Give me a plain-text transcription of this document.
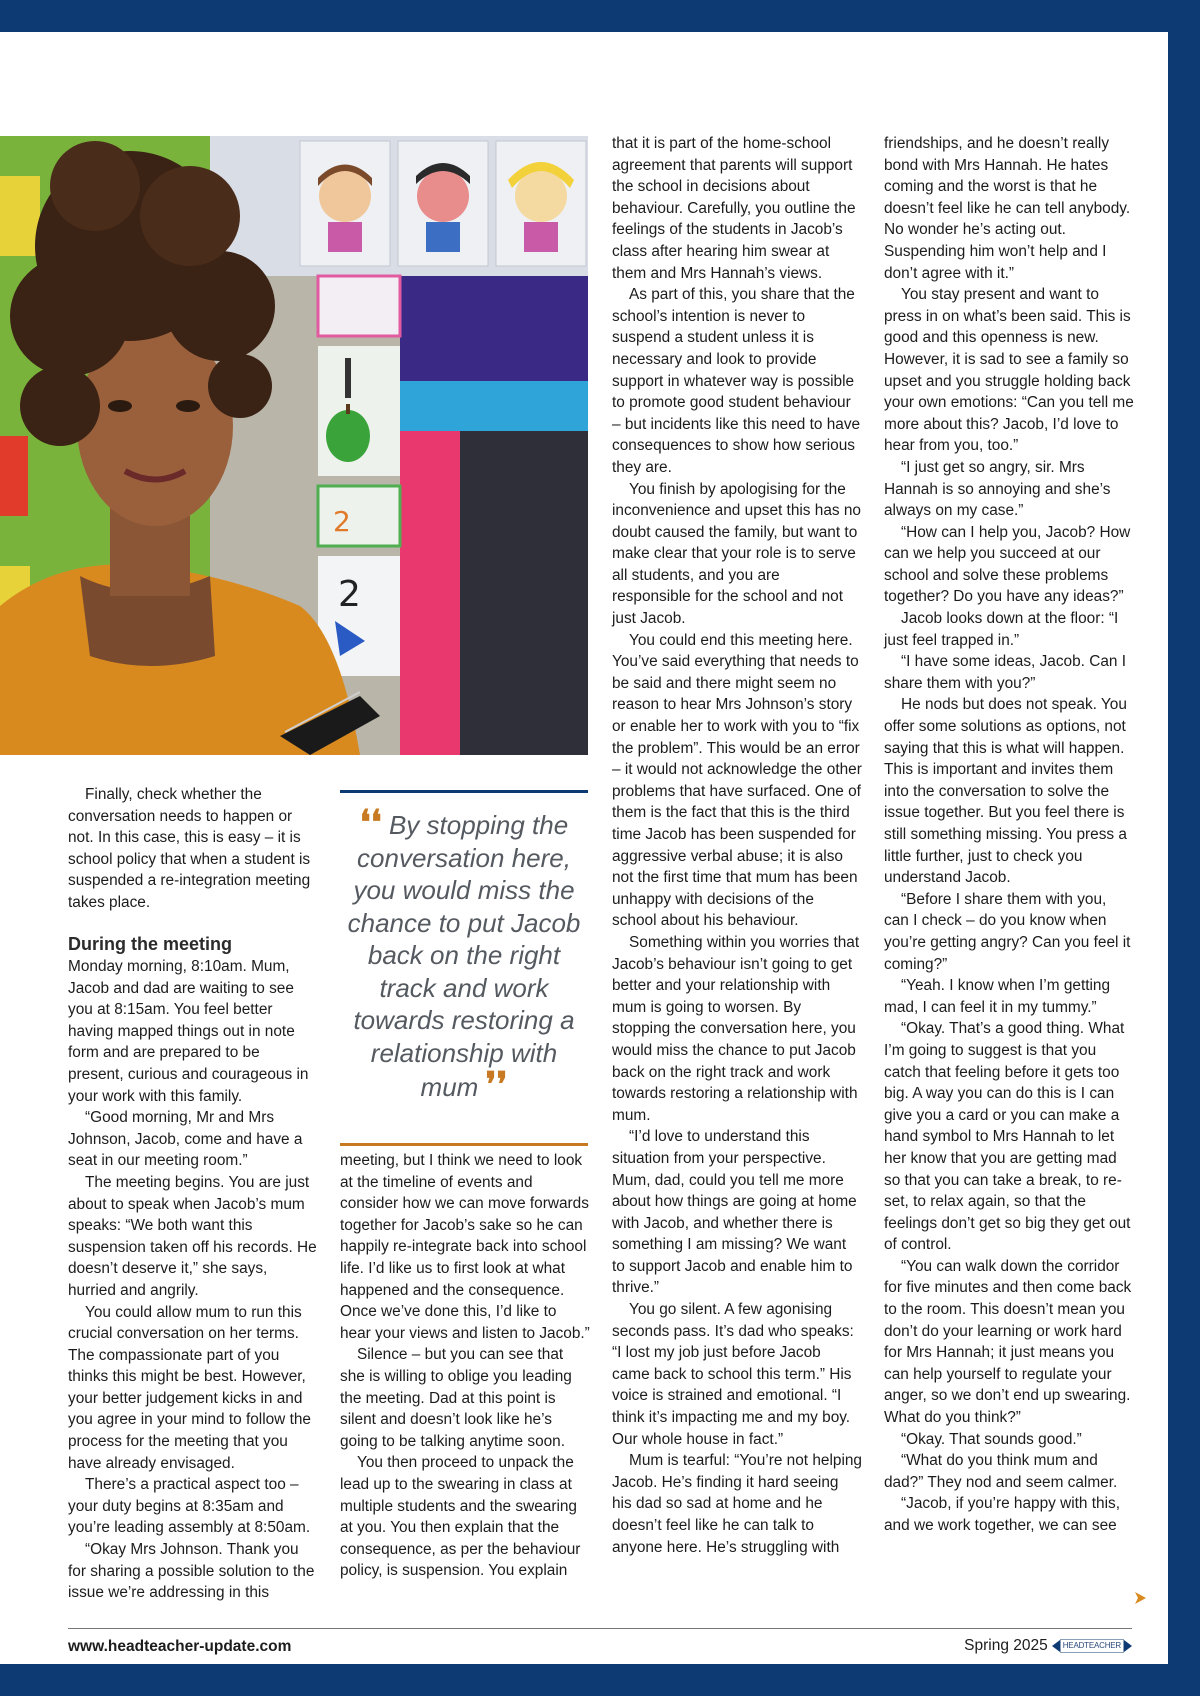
2
2

Finally, check whether the conversation needs to happen or not. In this case, this is easy – it is school policy that when a student is suspended a re-integration meeting takes place.

During the meeting

Monday morning, 8:10am. Mum, Jacob and dad are waiting to see you at 8:15am. You feel better having mapped things out in note form and are prepared to be present, curious and courageous in your work with this family.

“Good morning, Mr and Mrs Johnson, Jacob, come and have a seat in our meeting room.”

The meeting begins. You are just about to speak when Jacob’s mum speaks: “We both want this suspension taken off his records. He doesn’t deserve it,” she says, hurried and angrily.

You could allow mum to run this crucial conversation on her terms. The compassionate part of you thinks this might be best. However, your better judgement kicks in and you agree in your mind to follow the process for the meeting that you have already envisaged.

There’s a practical aspect too – your duty begins at 8:35am and you’re leading assembly at 8:50am.

“Okay Mrs Johnson. Thank you for sharing a possible solution to the issue we’re addressing in this

❛❛ By stopping the conversation here, you would miss the chance to put Jacob back on the right track and work towards restoring a relationship with mum ❜❜

meeting, but I think we need to look at the timeline of events and consider how we can move forwards together for Jacob’s sake so he can happily re-integrate back into school life. I’d like us to first look at what happened and the consequence. Once we’ve done this, I’d like to hear your views and listen to Jacob.”

Silence – but you can see that she is willing to oblige you leading the meeting. Dad at this point is silent and doesn’t look like he’s going to be talking anytime soon.

You then proceed to unpack the lead up to the swearing in class at multiple students and the swearing at you. You then explain that the consequence, as per the behaviour policy, is suspension. You explain

that it is part of the home-school agreement that parents will support the school in decisions about behaviour. Carefully, you outline the feelings of the students in Jacob’s class after hearing him swear at them and Mrs Hannah’s views.

As part of this, you share that the school’s intention is never to suspend a student unless it is necessary and look to provide support in whatever way is possible to promote good student behaviour – but incidents like this need to have consequences to show how serious they are.

You finish by apologising for the inconvenience and upset this has no doubt caused the family, but want to make clear that your role is to serve all students, and you are responsible for the school and not just Jacob.

You could end this meeting here. You’ve said everything that needs to be said and there might seem no reason to hear Mrs Johnson’s story or enable her to work with you to “fix the problem”. This would be an error – it would not acknowledge the other problems that have surfaced. One of them is the fact that this is the third time Jacob has been suspended for aggressive verbal abuse; it is also not the first time that mum has been unhappy with decisions of the school about his behaviour.

Something within you worries that Jacob’s behaviour isn’t going to get better and your relationship with mum is going to worsen. By stopping the conversation here, you would miss the chance to put Jacob back on the right track and work towards restoring a relationship with mum.

“I’d love to understand this situation from your perspective. Mum, dad, could you tell me more about how things are going at home with Jacob, and whether there is something I am missing? We want to support Jacob and enable him to thrive.”

You go silent. A few agonising seconds pass. It’s dad who speaks: “I lost my job just before Jacob came back to school this term.” His voice is strained and emotional. “I think it’s impacting me and my boy. Our whole house in fact.”

Mum is tearful: “You’re not helping Jacob. He’s finding it hard seeing his dad so sad at home and he doesn’t feel like he can talk to anyone here. He’s struggling with

friendships, and he doesn’t really bond with Mrs Hannah. He hates coming and the worst is that he doesn’t feel like he can tell anybody. No wonder he’s acting out. Suspending him won’t help and I don’t agree with it.”

You stay present and want to press in on what’s been said. This is good and this openness is new. However, it is sad to see a family so upset and you struggle holding back your own emotions: “Can you tell me more about this? Jacob, I’d love to hear from you, too.”

“I just get so angry, sir. Mrs Hannah is so annoying and she’s always on my case.”

“How can I help you, Jacob? How can we help you succeed at our school and solve these problems together? Do you have any ideas?”

Jacob looks down at the floor: “I just feel trapped in.”

“I have some ideas, Jacob. Can I share them with you?”

He nods but does not speak. You offer some solutions as options, not saying that this is what will happen. This is important and invites them into the conversation to solve the issue together. But you feel there is still something missing. You press a little further, just to check you understand Jacob.

“Before I share them with you, can I check – do you know when you’re getting angry? Can you feel it coming?”

“Yeah. I know when I’m getting mad, I can feel it in my tummy.”

“Okay. That’s a good thing. What I’m going to suggest is that you catch that feeling before it gets too big. A way you can do this is I can give you a card or you can make a hand symbol to Mrs Hannah to let her know that you are getting mad so that you can take a break, to re-set, to relax again, so that the feelings don’t get so big they get out of control.

“You can walk down the corridor for five minutes and then come back to the room. This doesn’t mean you don’t do your learning or work hard for Mrs Hannah; it just means you can help yourself to regulate your anger, so we don’t end up swearing. What do you think?”

“Okay. That sounds good.”

“What do you think mum and dad?” They nod and seem calmer.

“Jacob, if you’re happy with this, and we work together, we can see

www.headteacher-update.com	Spring 2025	HEADTEACHER
